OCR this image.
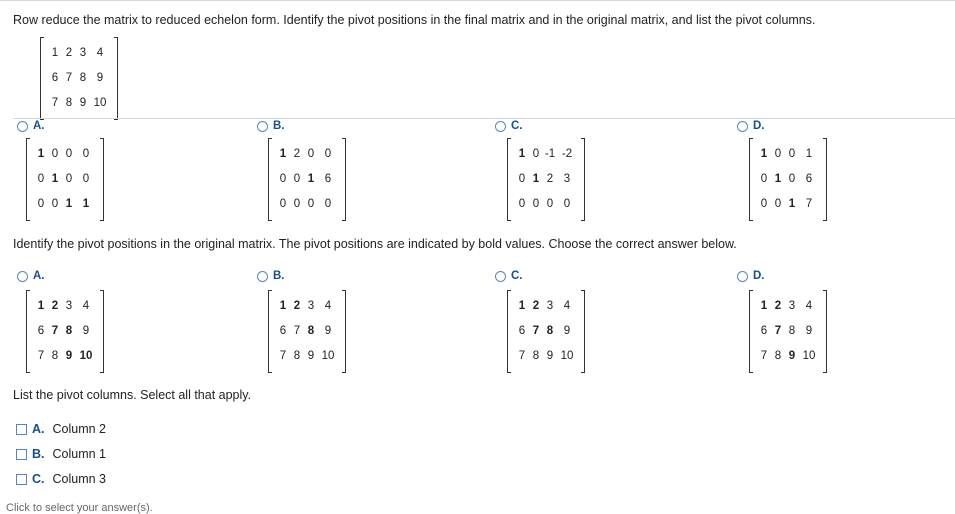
Row reduce the matrix to reduced echelon form. Identify the pivot positions in the final matrix and in the original matrix, and list the pivot columns.
1 2 3 4
6 7 8 9
7 8 9 10
A.	B.	C.	D.
1 0 0 0
0 1 0 0
0 0 1 1
1 2 0 0
0 0 1 6
0 0 0 0
1 0 -1 -2
0 1 2 3
0 0 0 0
1 0 0 1
0 1 0 6
0 0 1 7
Identify the pivot positions in the original matrix. The pivot positions are indicated by bold values. Choose the correct answer below.
A.	B.	C.	D.
1 2 3 4
6 7 8 9
7 8 9 10
1 2 3 4
6 7 8 9
7 8 9 10
1 2 3 4
6 7 8 9
7 8 9 10
1 2 3 4
6 7 8 9
7 8 9 10
List the pivot columns. Select all that apply.
A. Column 2
B. Column 1
C. Column 3
Click to select your answer(s).
